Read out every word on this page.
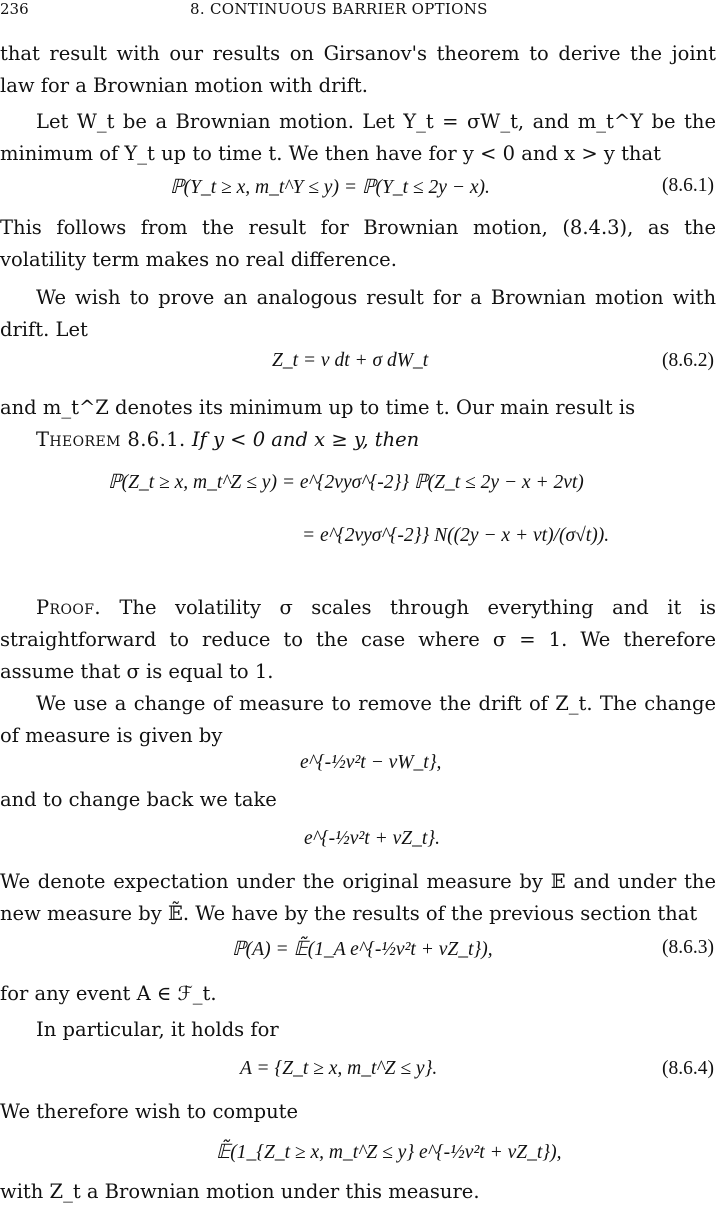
236	8. CONTINUOUS BARRIER OPTIONS

that result with our results on Girsanov's theorem to derive the joint law for a Brownian motion with drift.

Let W_t be a Brownian motion. Let Y_t = σW_t, and m_t^Y be the minimum of Y_t up to time t. We then have for y < 0 and x > y that

ℙ(Y_t ≥ x, m_t^Y ≤ y) = ℙ(Y_t ≤ 2y − x).	(8.6.1)

This follows from the result for Brownian motion, (8.4.3), as the volatility term makes no real difference.

We wish to prove an analogous result for a Brownian motion with drift. Let

Z_t = ν dt + σ dW_t	(8.6.2)

and m_t^Z denotes its minimum up to time t. Our main result is

Theorem 8.6.1. If y < 0 and x ≥ y, then

ℙ(Z_t ≥ x, m_t^Z ≤ y) = e^{2νyσ^{-2}} ℙ(Z_t ≤ 2y − x + 2νt)
= e^{2νyσ^{-2}} N((2y − x + νt)/(σ√t)).

Proof. The volatility σ scales through everything and it is straightforward to reduce to the case where σ = 1. We therefore assume that σ is equal to 1.

We use a change of measure to remove the drift of Z_t. The change of measure is given by

e^{-½ν²t − νW_t},

and to change back we take

e^{-½ν²t + νZ_t}.

We denote expectation under the original measure by 𝔼 and under the new measure by 𝔼̃. We have by the results of the previous section that

ℙ(A) = 𝔼̃(1_A e^{-½ν²t + νZ_t}),	(8.6.3)

for any event A ∈ ℱ_t.

In particular, it holds for

A = {Z_t ≥ x, m_t^Z ≤ y}.	(8.6.4)

We therefore wish to compute

𝔼̃(1_{Z_t ≥ x, m_t^Z ≤ y} e^{-½ν²t + νZ_t}),

with Z_t a Brownian motion under this measure.
